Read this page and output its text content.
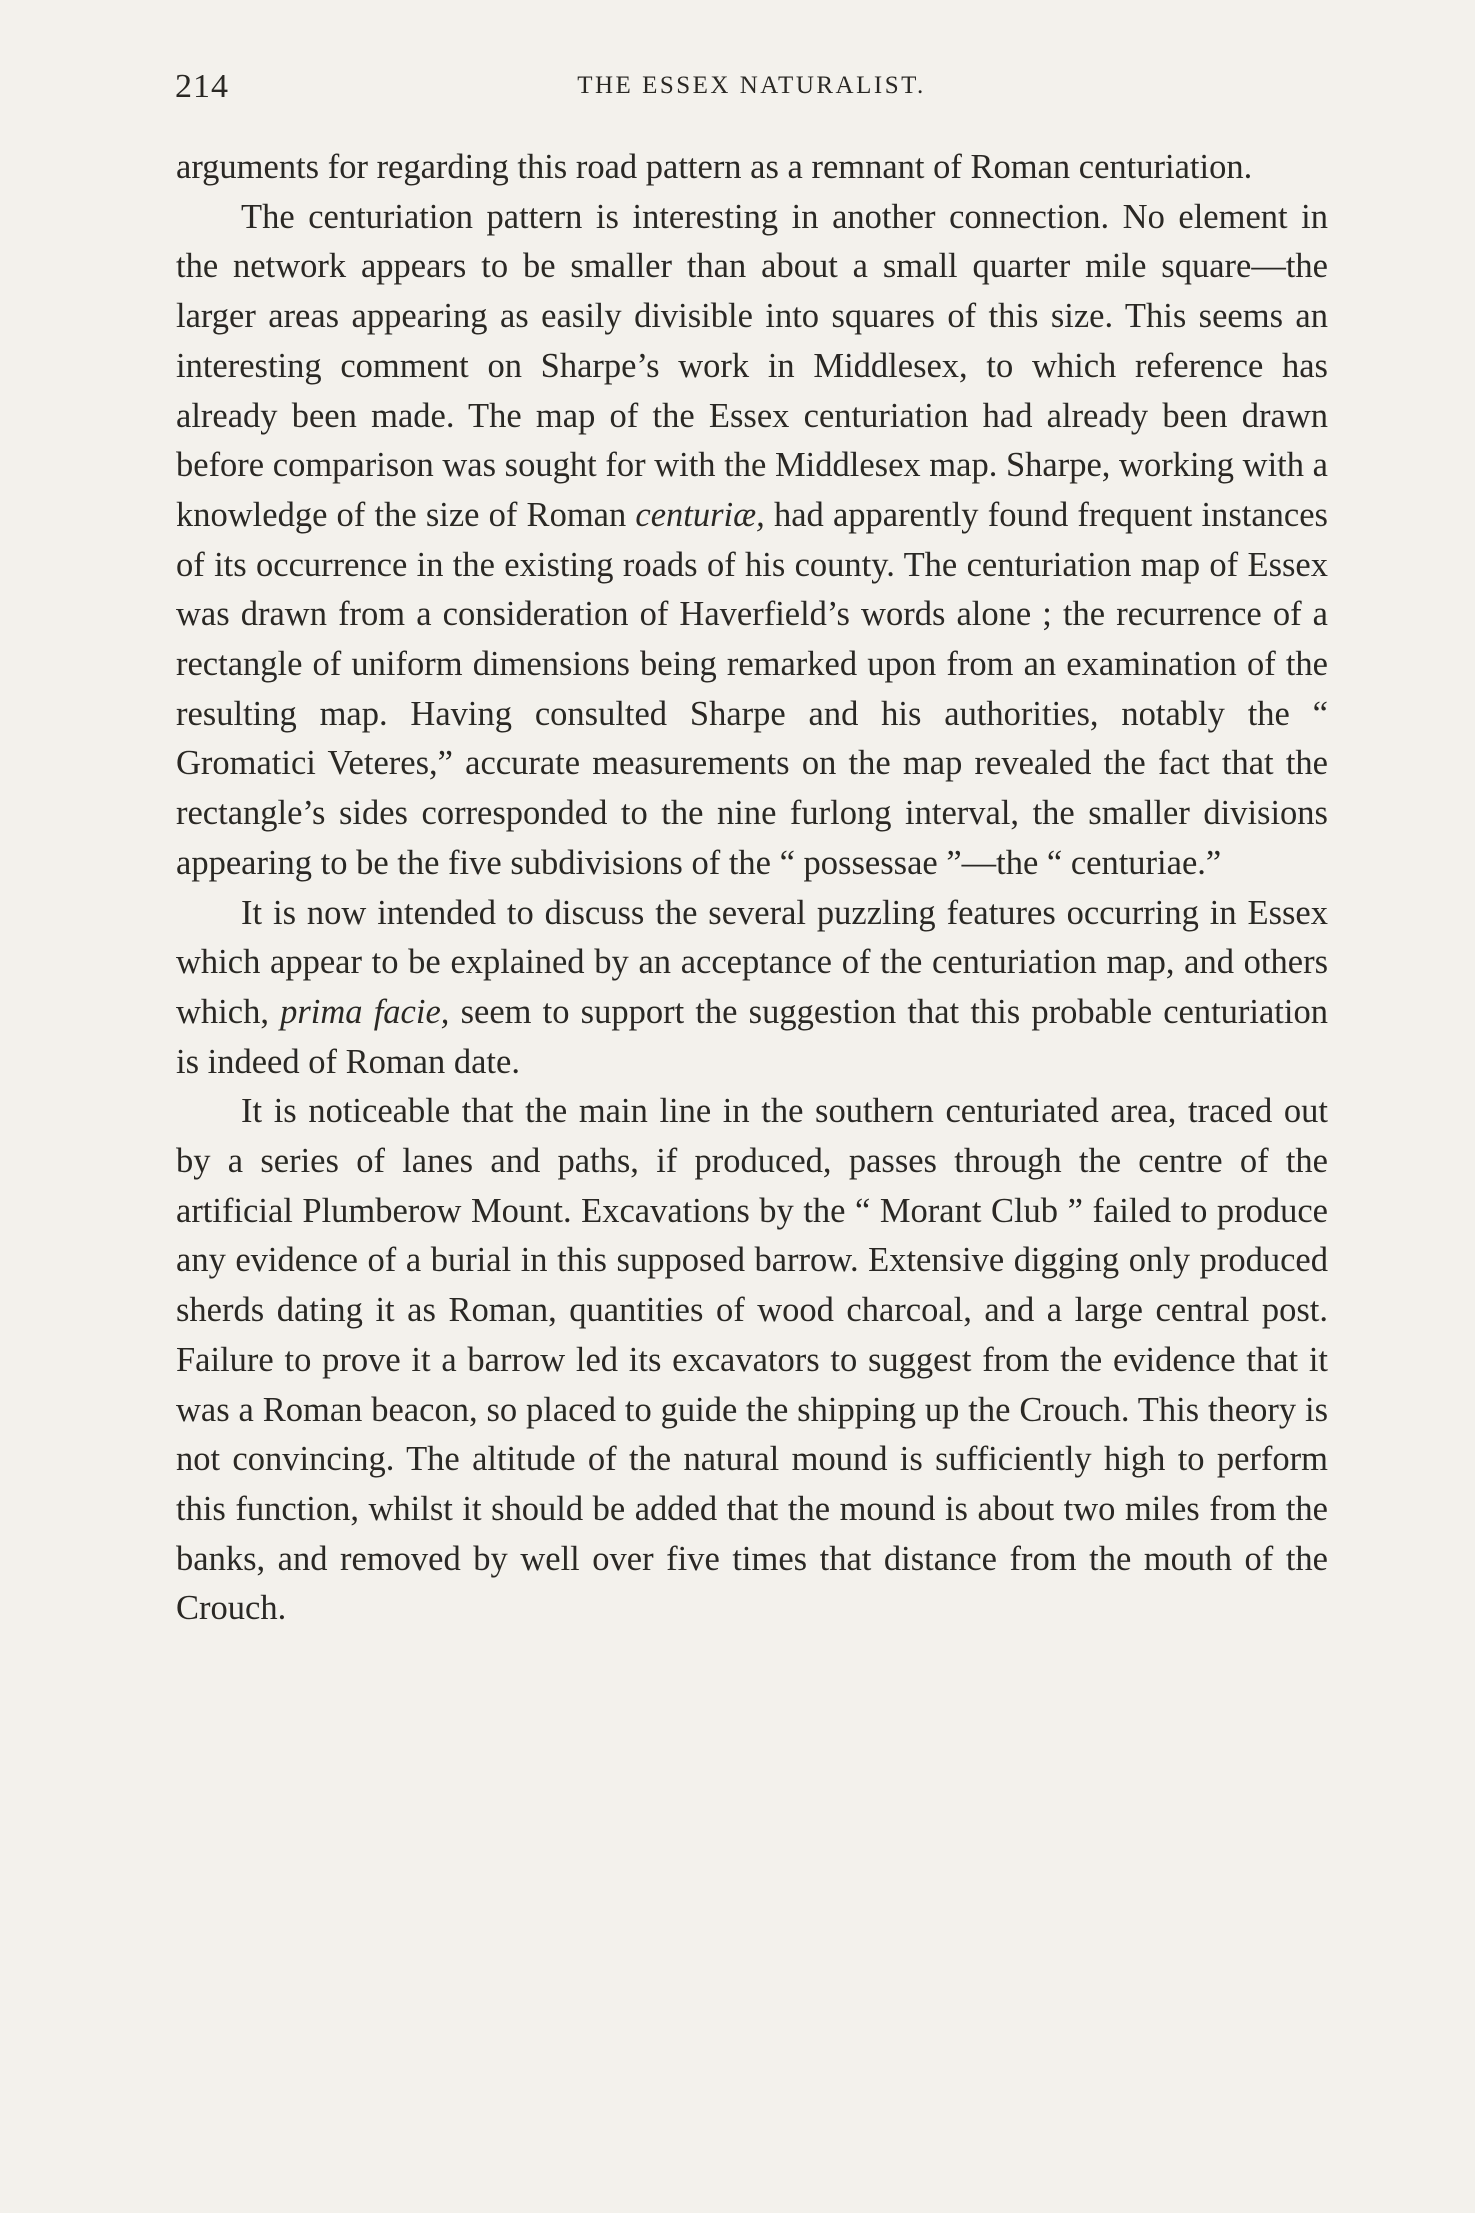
214	THE ESSEX NATURALIST.

arguments for regarding this road pattern as a remnant of Roman centuriation.

The centuriation pattern is interesting in another connection. No element in the network appears to be smaller than about a small quarter mile square—the larger areas appearing as easily divisible into squares of this size. This seems an interesting comment on Sharpe’s work in Middlesex, to which reference has already been made. The map of the Essex centuriation had already been drawn before comparison was sought for with the Middlesex map. Sharpe, working with a knowledge of the size of Roman centuriæ, had apparently found frequent instances of its occurrence in the existing roads of his county. The centuriation map of Essex was drawn from a consideration of Haverfield’s words alone ; the recurrence of a rectangle of uniform dimensions being remarked upon from an examination of the resulting map. Having consulted Sharpe and his authorities, notably the “ Gromatici Veteres,” accurate measurements on the map revealed the fact that the rectangle’s sides corresponded to the nine furlong interval, the smaller divisions appearing to be the five subdivisions of the “ possessae ”—the “ centuriae.”

It is now intended to discuss the several puzzling features occurring in Essex which appear to be explained by an acceptance of the centuriation map, and others which, prima facie, seem to support the suggestion that this probable centuriation is indeed of Roman date.

It is noticeable that the main line in the southern centuriated area, traced out by a series of lanes and paths, if produced, passes through the centre of the artificial Plumberow Mount. Excavations by the “ Morant Club ” failed to produce any evidence of a burial in this supposed barrow. Extensive digging only produced sherds dating it as Roman, quantities of wood charcoal, and a large central post. Failure to prove it a barrow led its excavators to suggest from the evidence that it was a Roman beacon, so placed to guide the shipping up the Crouch. This theory is not convincing. The altitude of the natural mound is sufficiently high to perform this function, whilst it should be added that the mound is about two miles from the banks, and removed by well over five times that distance from the mouth of the Crouch.
